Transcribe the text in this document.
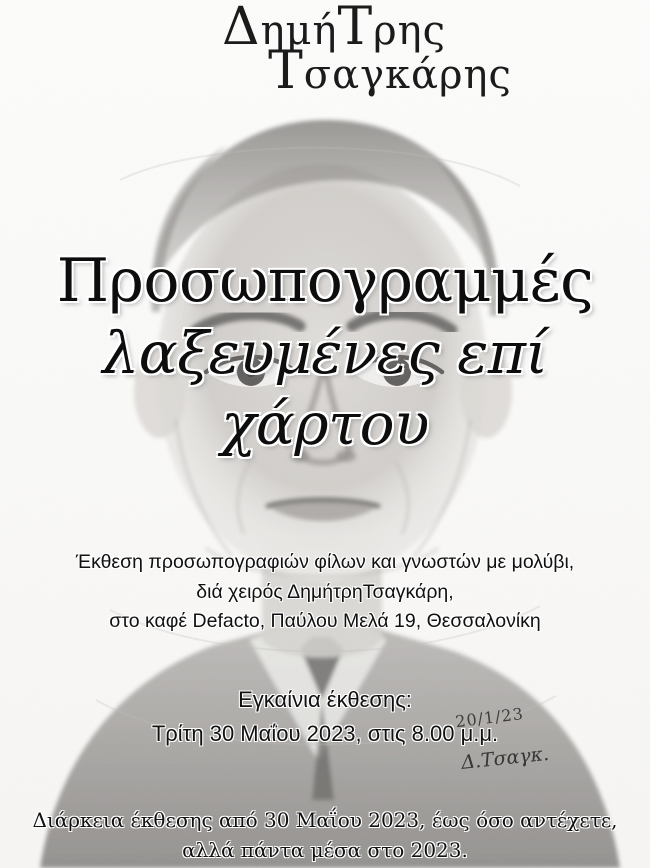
ΔημήΤρης
Τσαγκάρης
Προσωπογραμμές
λαξευμένες επί χάρτου
Έκθεση προσωπογραφιών φίλων και γνωστών με μολύβι,
διά χειρός ΔημήτρηΤσαγκάρη,
στο καφέ Defacto, Παύλου Μελά 19, Θεσσαλονίκη
Εγκαίνια έκθεσης:
Τρίτη 30 Μαΐου 2023, στις 8.00 μ.μ.
20/1/23
Δ.Τσαγκ.
Διάρκεια έκθεσης από 30 Μαΐου 2023, έως όσο αντέχετε,
αλλά πάντα μέσα στο 2023.
